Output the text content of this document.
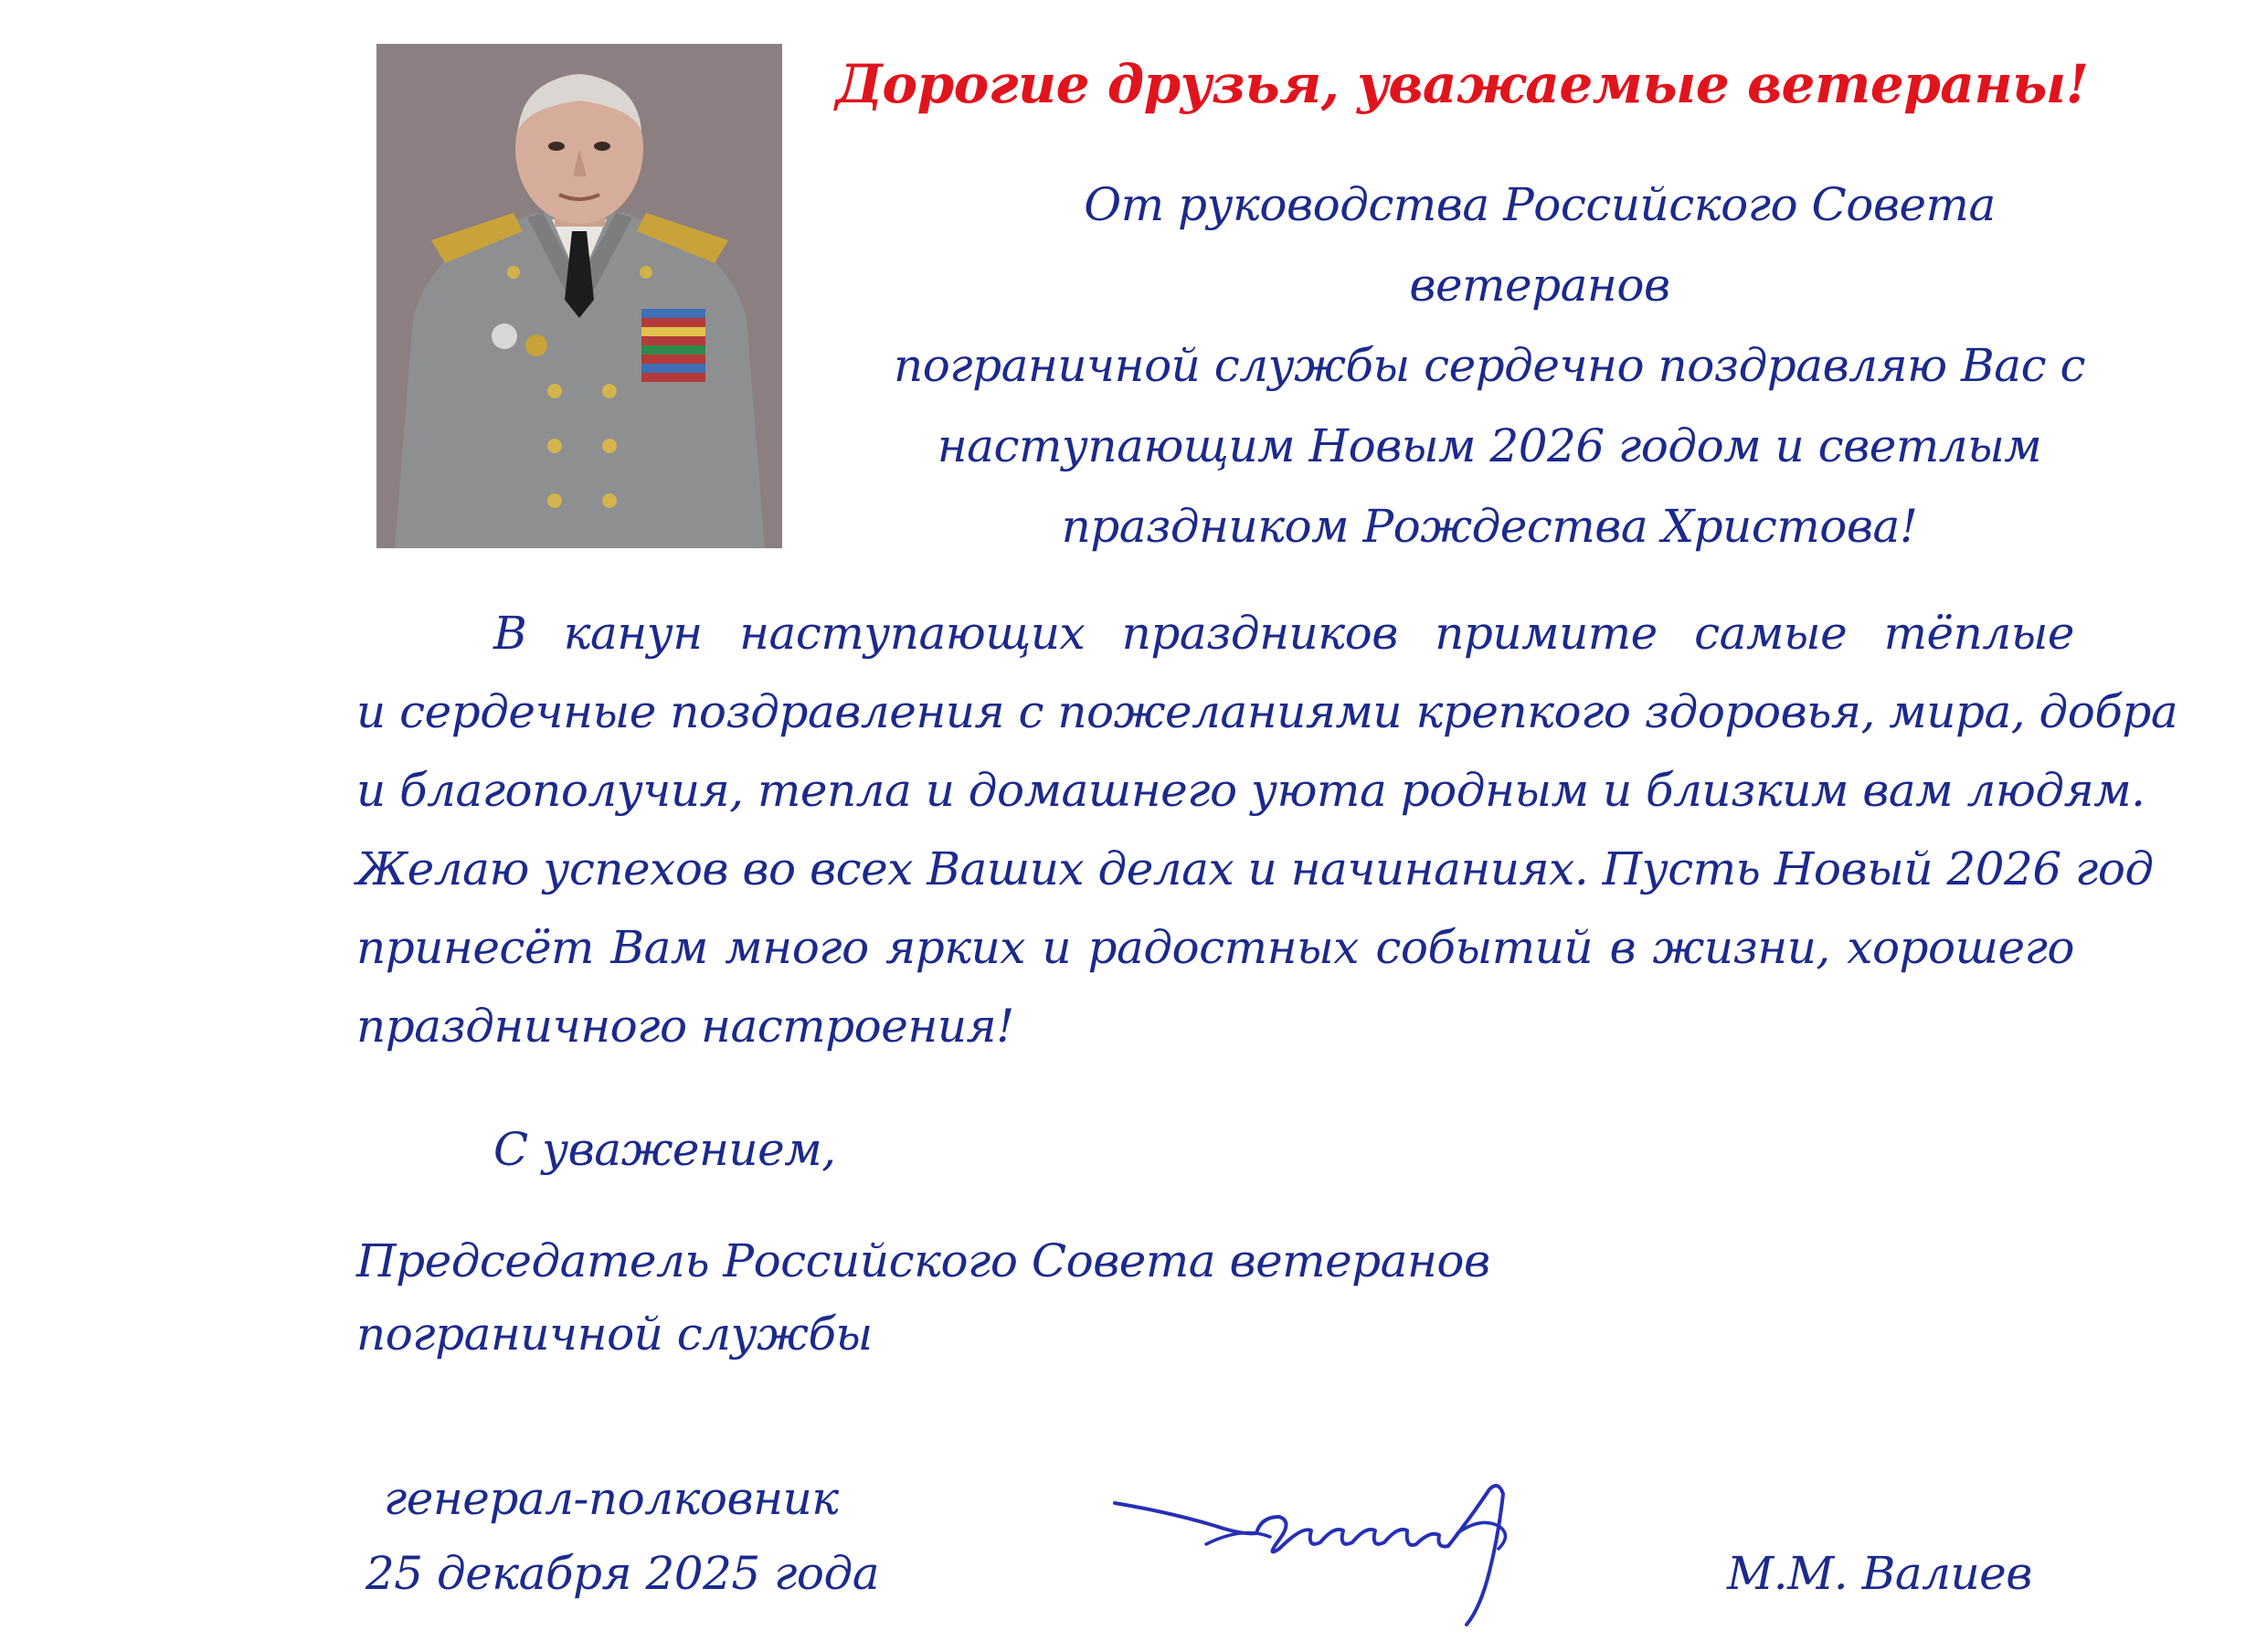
Дорогие друзья, уважаемые ветераны!

От руководства Российского Совета ветеранов

пограничной службы сердечно поздравляю Вас с

наступающим Новым 2026 годом и светлым

праздником Рождества Христова!

В канун наступающих праздников примите самые тёплые
и сердечные поздравления с пожеланиями крепкого здоровья, мира, добра
и благополучия, тепла и домашнего уюта родным и близким вам людям.
Желаю успехов во всех Ваших делах и начинаниях. Пусть Новый 2026 год
принесёт Вам много ярких и радостных событий в жизни, хорошего
праздничного настроения!
С уважением,
Председатель Российского Совета ветеранов
пограничной службы
генерал-полковник
25 декабря 2025 года	М.М. Валиев
